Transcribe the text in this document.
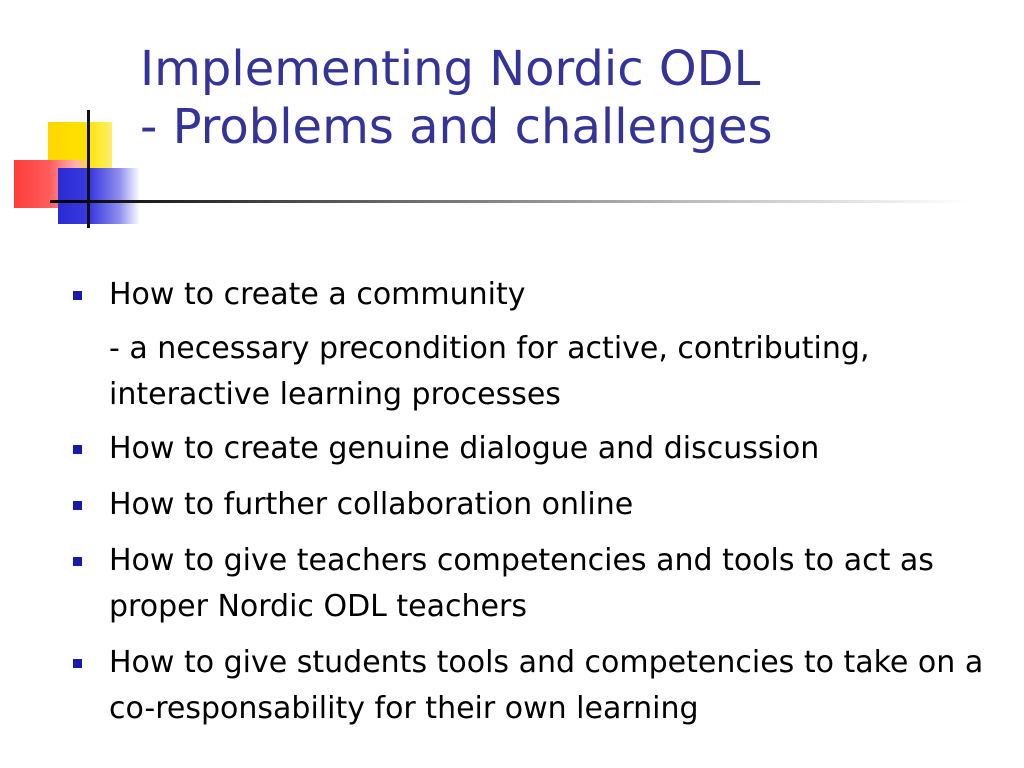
Implementing Nordic ODL
- Problems and challenges
How to create a community
- a necessary precondition for active, contributing, interactive learning processes
How to create genuine dialogue and discussion
How to further collaboration online
How to give teachers competencies and tools to act as proper Nordic ODL teachers
How to give students tools and competencies to take on a co-responsability for their own learning
